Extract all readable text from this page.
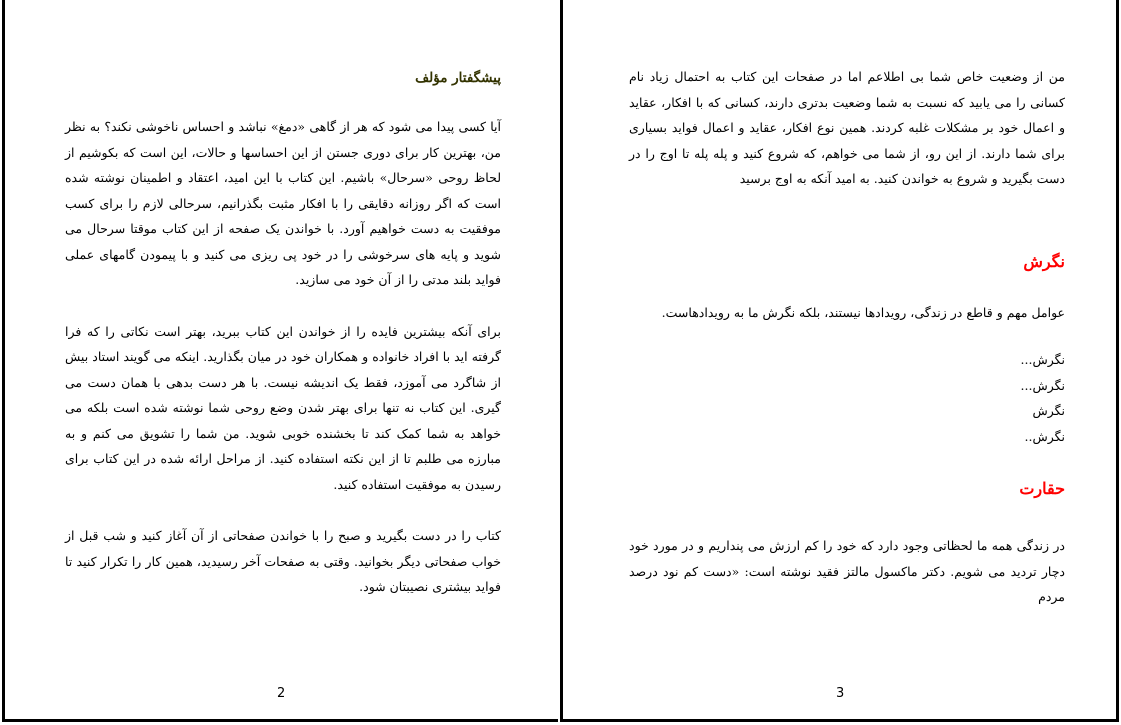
پیشگفتار مؤلف

آیا کسی پیدا می شود که هر از گاهی «دمغ» نباشد و احساس ناخوشی نکند؟ به نظر من، بهترین کار برای دوری جستن از این احساسها و حالات، این است که بکوشیم از لحاظ روحی «سرحال» باشیم. این کتاب با این امید، اعتقاد و اطمینان نوشته شده است که اگر روزانه دقایقی را با افکار مثبت بگذرانیم، سرحالی لازم را برای کسب موفقیت به دست خواهیم آورد. با خواندن یک صفحه از این کتاب موقتا سرحال می شوید و پایه های سرخوشی را در خود پی ریزی می کنید و با پیمودن گامهای عملی فواید بلند مدتی را از آن خود می سازید.

برای آنکه بیشترین فایده را از خواندن این کتاب ببرید، بهتر است نکاتی را که فرا گرفته اید با افراد خانواده و همکاران خود در میان بگذارید. اینکه می گویند استاد بیش از شاگرد می آموزد، فقط یک اندیشه نیست. با هر دست بدهی با همان دست می گیری. این کتاب نه تنها برای بهتر شدن وضع روحی شما نوشته شده است بلکه می خواهد به شما کمک کند تا بخشنده خوبی شوید. من شما را تشویق می کنم و به مبارزه می طلبم تا از این نکته استفاده کنید. از مراحل ارائه شده در این کتاب برای رسیدن به موفقیت استفاده کنید.

کتاب را در دست بگیرید و صبح را با خواندن صفحاتی از آن آغاز کنید و شب قبل از خواب صفحاتی دیگر بخوانید. وقتی به صفحات آخر رسیدید، همین کار را تکرار کنید تا فواید بیشتری نصیبتان شود.

2

من از وضعیت خاص شما بی اطلاعم اما در صفحات این کتاب به احتمال زیاد نام کسانی را می یابید که نسبت به شما وضعیت بدتری دارند، کسانی که با افکار، عقاید و اعمال خود بر مشکلات غلبه کردند. همین نوع افکار، عقاید و اعمال فواید بسیاری برای شما دارند. از این رو، از شما می خواهم، که شروع کنید و پله پله تا اوج را در دست بگیرید و شروع به خواندن کنید. به امید آنکه به اوج برسید

نگرش

عوامل مهم و قاطع در زندگی، رویدادها نیستند، بلکه نگرش ما به رویدادهاست.

نگرش...

نگرش...

نگرش

نگرش..

حقارت

در زندگی همه ما لحظاتی وجود دارد که خود را کم ارزش می پنداریم و در مورد خود دچار تردید می شویم. دکتر ماکسول مالتز فقید نوشته است: «دست کم نود درصد مردم

3
